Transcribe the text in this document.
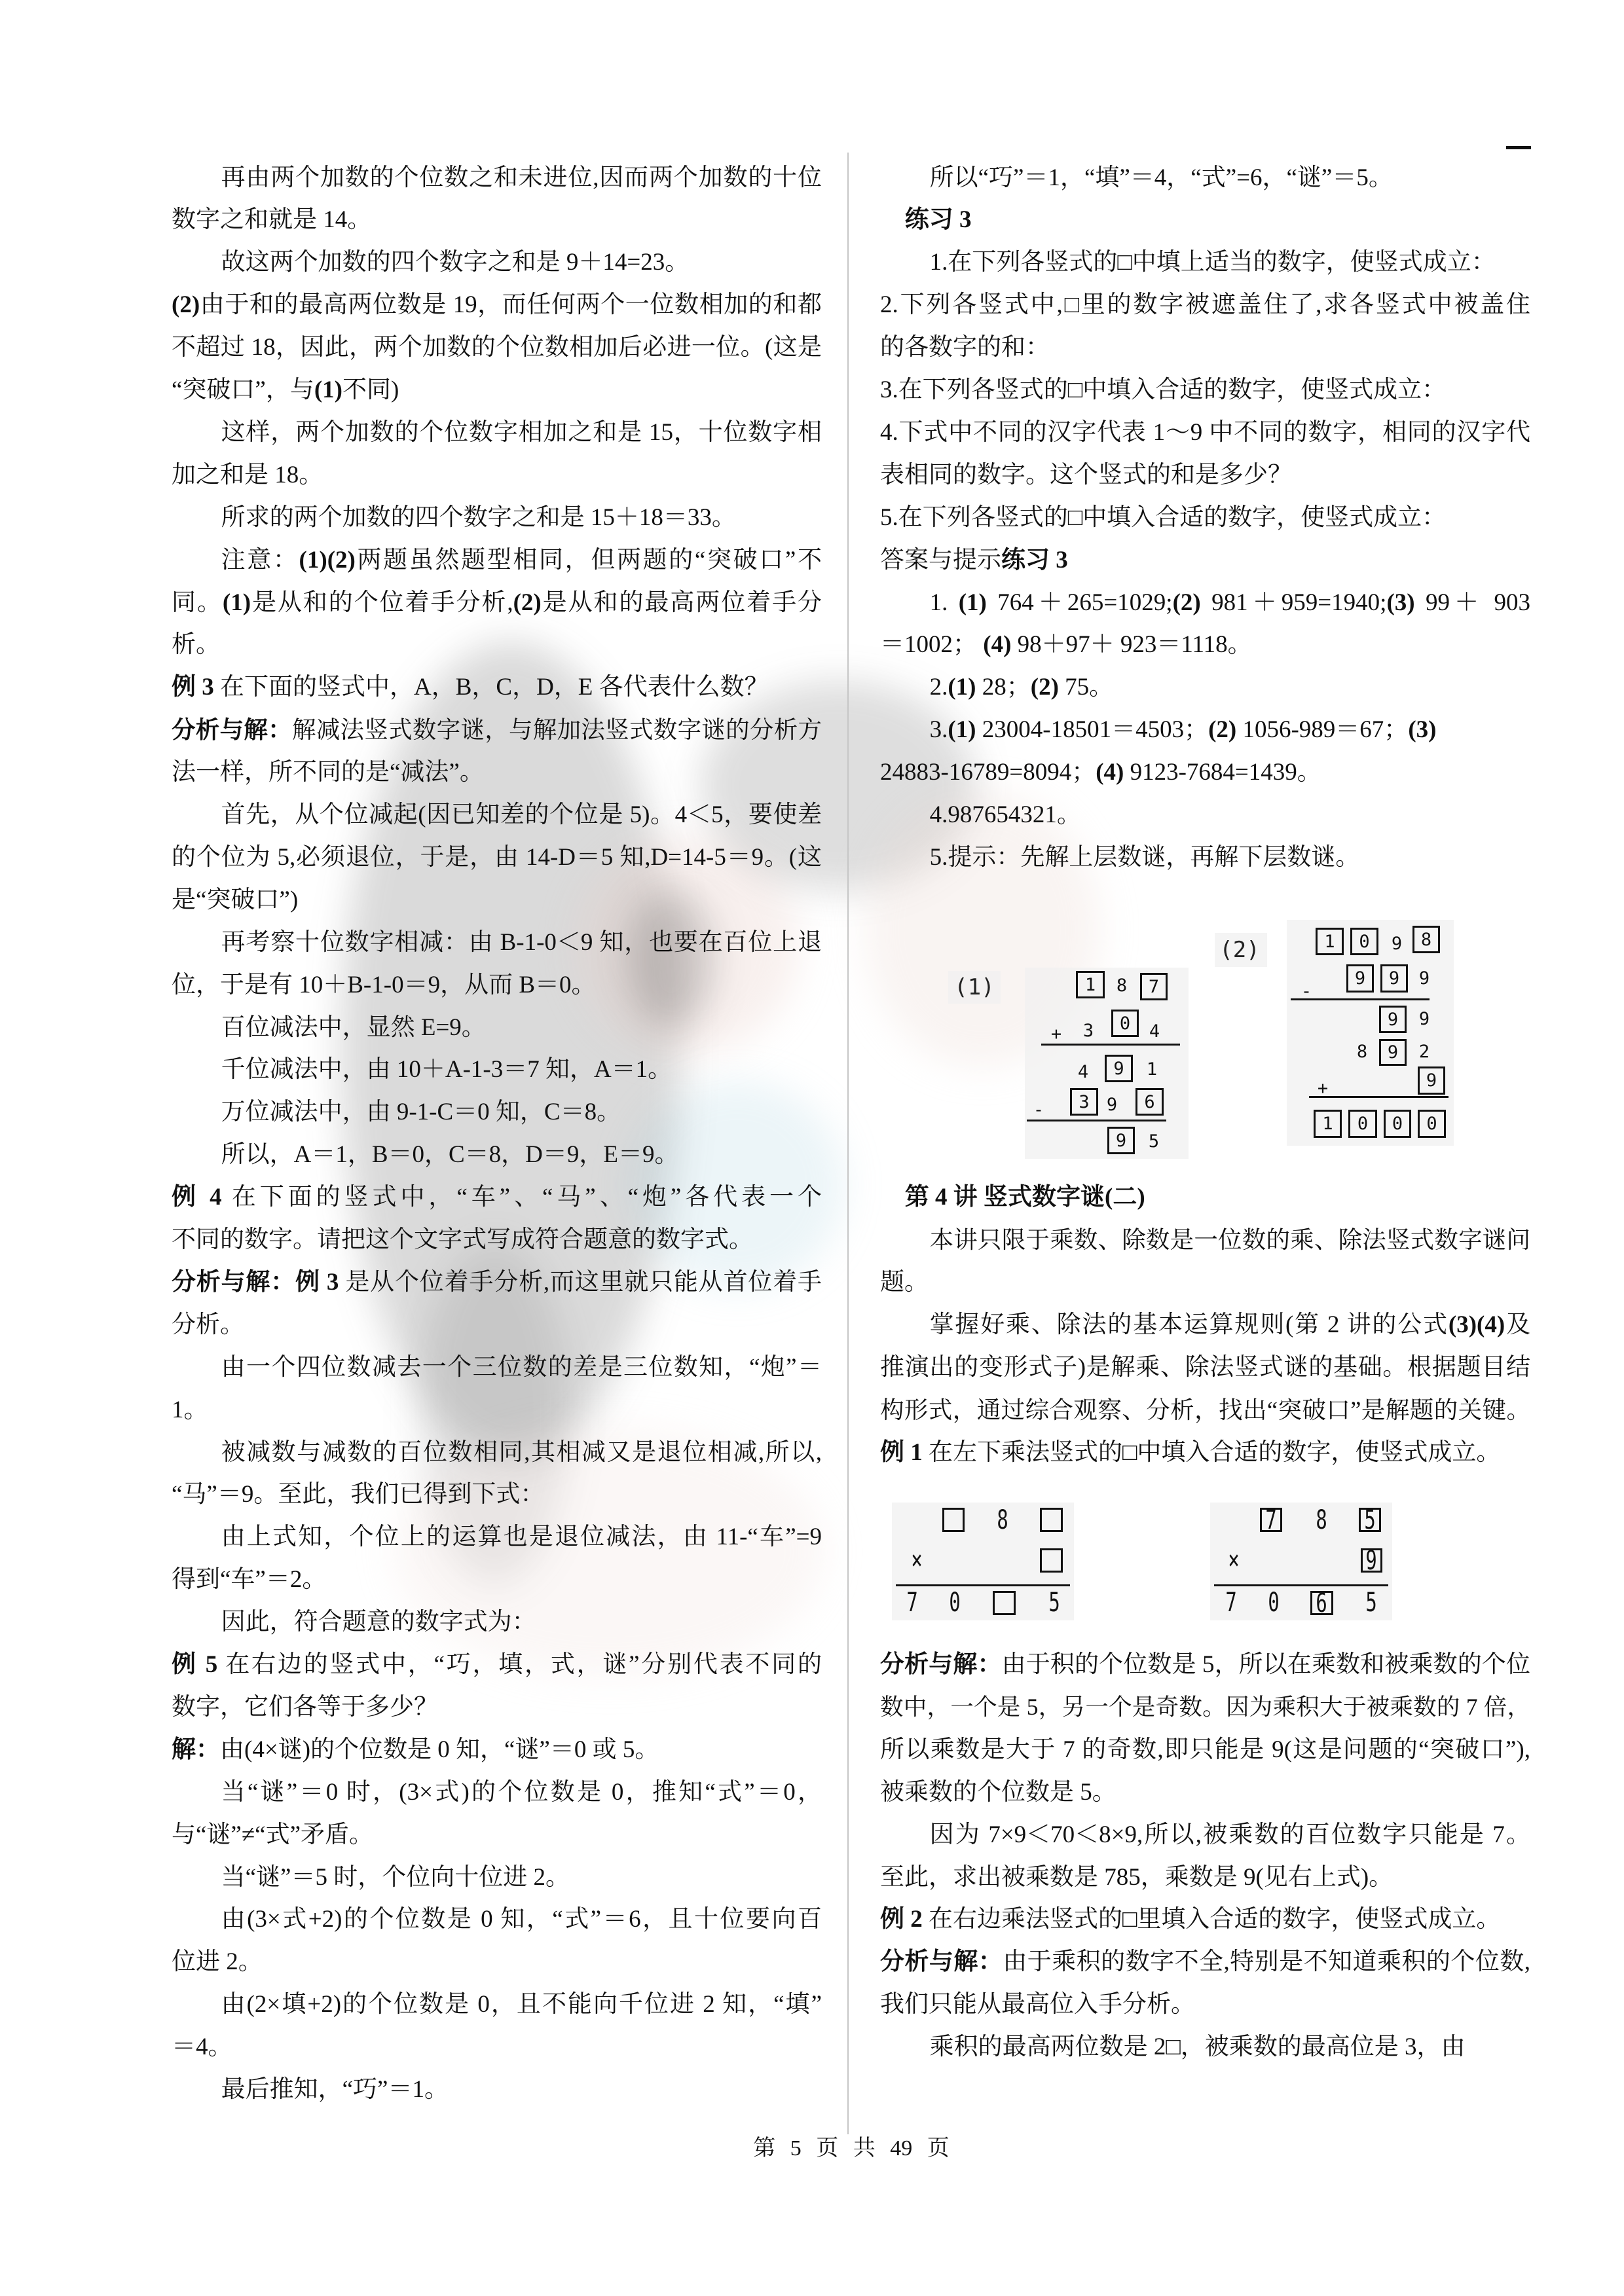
再由两个加数的个位数之和未进位,因而两个加数的十位
数字之和就是 14。
故这两个加数的四个数字之和是 9＋14=23。
(2)由于和的最高两位数是 19，而任何两个一位数相加的和都
不超过 18，因此，两个加数的个位数相加后必进一位。(这是
“突破口”，与(1)不同)
这样，两个加数的个位数字相加之和是 15，十位数字相
加之和是 18。
所求的两个加数的四个数字之和是 15＋18＝33。
注意：(1)(2)两题虽然题型相同，但两题的“突破口”不
同。(1)是从和的个位着手分析,(2)是从和的最高两位着手分
析。
例 3 在下面的竖式中，A，B，C，D，E 各代表什么数？
分析与解：解减法竖式数字谜，与解加法竖式数字谜的分析方
法一样，所不同的是“减法”。
首先，从个位减起(因已知差的个位是 5)。4＜5，要使差
的个位为 5,必须退位，于是，由 14-D＝5 知,D=14-5＝9。(这
是“突破口”)
再考察十位数字相减：由 B-1-0＜9 知，也要在百位上退
位，于是有 10＋B-1-0＝9，从而 B＝0。
百位减法中，显然 E=9。
千位减法中，由 10＋A-1-3＝7 知，A＝1。
万位减法中，由 9-1-C＝0 知，C＝8。
所以，A＝1，B＝0，C＝8，D＝9，E＝9。
例 4 在下面的竖式中，“车”、“马”、“炮”各代表一个
不同的数字。请把这个文字式写成符合题意的数字式。
分析与解：例 3 是从个位着手分析,而这里就只能从首位着手
分析。
由一个四位数减去一个三位数的差是三位数知，“炮”＝
1。
被减数与减数的百位数相同,其相减又是退位相减,所以,
“马”＝9。至此，我们已得到下式：
由上式知，个位上的运算也是退位减法，由 11-“车”=9
得到“车”＝2。
因此，符合题意的数字式为：
例 5 在右边的竖式中，“巧，填，式，谜”分别代表不同的
数字，它们各等于多少？
解：由(4×谜)的个位数是 0 知，“谜”＝0 或 5。
当“谜”＝0 时，(3×式)的个位数是 0，推知“式”＝0，
与“谜”≠“式”矛盾。
当“谜”＝5 时，个位向十位进 2。
由(3×式+2)的个位数是 0 知，“式”＝6，且十位要向百
位进 2。
由(2×填+2)的个位数是 0，且不能向千位进 2 知，“填”
＝4。
最后推知，“巧”＝1。
所以“巧”＝1，“填”＝4，“式”=6，“谜”＝5。
练习 3
1.在下列各竖式的□中填上适当的数字，使竖式成立：
2.下列各竖式中,□里的数字被遮盖住了,求各竖式中被盖住
的各数字的和：
3.在下列各竖式的□中填入合适的数字，使竖式成立：
4.下式中不同的汉字代表 1～9 中不同的数字，相同的汉字代
表相同的数字。这个竖式的和是多少？
5.在下列各竖式的□中填入合适的数字，使竖式成立：
答案与提示练习 3
1. (1) 764＋265=1029;(2) 981＋959=1940;(3) 99＋ 903
＝1002； (4) 98＋97＋ 923＝1118。
2.(1) 28；(2) 75。
3.(1) 23004-18501＝4503；(2) 1056-989＝67；(3)
24883-16789=8094；(4) 9123-7684=1439。
4.987654321。
5.提示：先解上层数谜，再解下层数谜。
第 4 讲 竖式数字谜(二)
本讲只限于乘数、除数是一位数的乘、除法竖式数字谜问
题。
掌握好乘、除法的基本运算规则(第 2 讲的公式(3)(4)及
推演出的变形式子)是解乘、除法竖式谜的基础。根据题目结
构形式，通过综合观察、分析，找出“突破口”是解题的关键。
例 1 在左下乘法竖式的□中填入合适的数字，使竖式成立。
分析与解：由于积的个位数是 5，所以在乘数和被乘数的个位
数中，一个是 5，另一个是奇数。因为乘积大于被乘数的 7 倍，
所以乘数是大于 7 的奇数,即只能是 9(这是问题的“突破口”),
被乘数的个位数是 5。
因为 7×9＜70＜8×9,所以,被乘数的百位数字只能是 7。
至此，求出被乘数是 785，乘数是 9(见右上式)。
例 2 在右边乘法竖式的□里填入合适的数字，使竖式成立。
分析与解：由于乘积的数字不全,特别是不知道乘积的个位数,
我们只能从最高位入手分析。
乘积的最高两位数是 2□，被乘数的最高位是 3，由
(1)
(2)
1 8 7
+ 3 0 4
4 9 1
- 3 9 6
9 5
1 0 9 8
-
9 9 9
9 9
8 9 2
+	9
1 0 0 0
8
×
7 0	5
7 8 5
×	9
7 0 6 5
第 5 页 共 49 页
